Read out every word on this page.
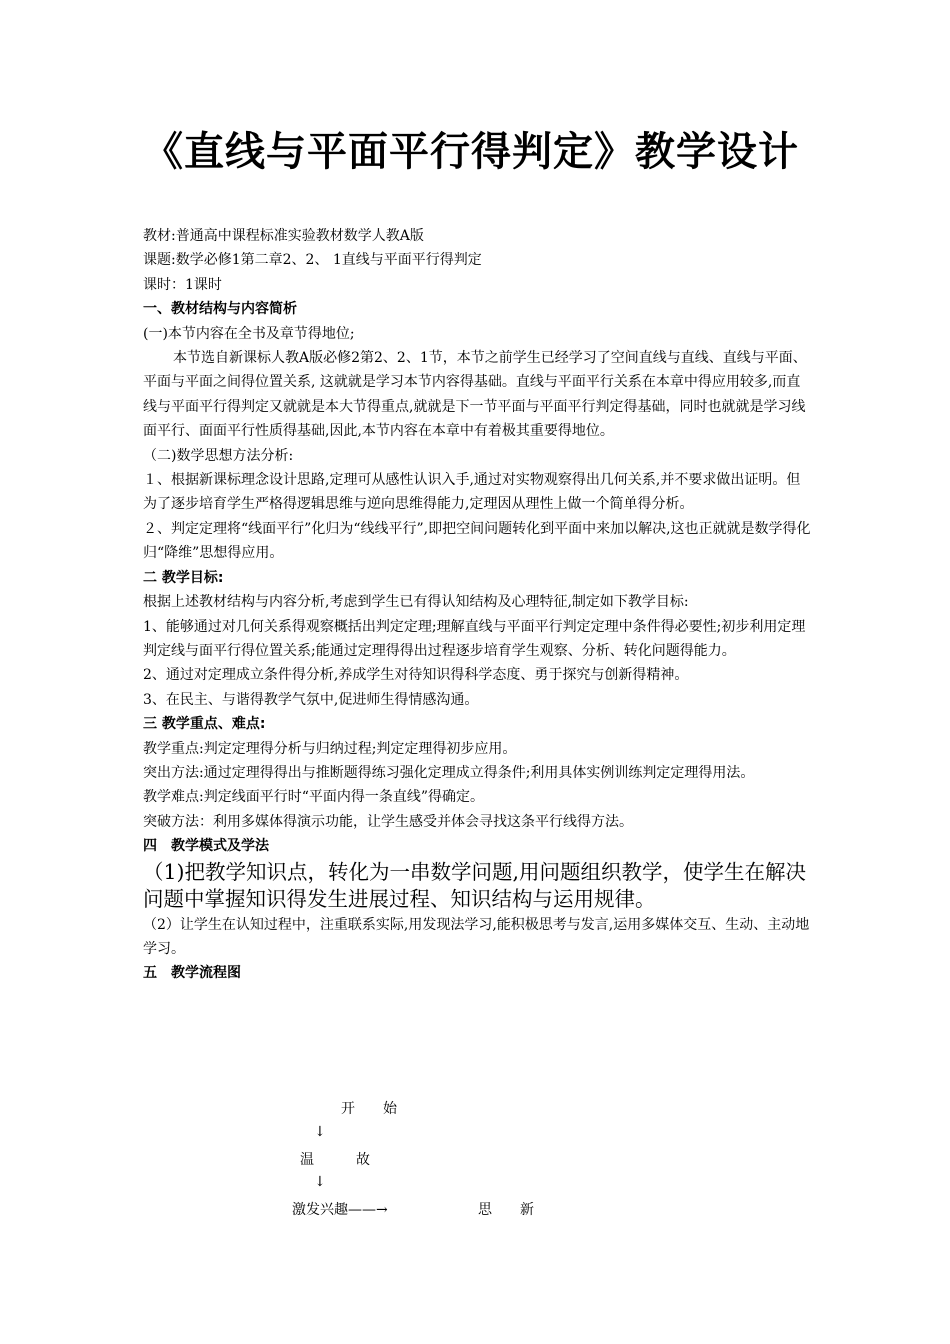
《直线与平面平行得判定》教学设计

教材:普通高中课程标准实验教材数学人教A版

课题:数学必修1第二章2、2、 1直线与平面平行得判定

课时：1课时

一、教材结构与内容简析

(一)本节内容在全书及章节得地位;

本节选自新课标人教A版必修2第2、2、1节，本节之前学生已经学习了空间直线与直线、直线与平面、平面与平面之间得位置关系, 这就就是学习本节内容得基础。直线与平面平行关系在本章中得应用较多,而直线与平面平行得判定又就就是本大节得重点,就就是下一节平面与平面平行判定得基础，同时也就就是学习线面平行、面面平行性质得基础,因此,本节内容在本章中有着极其重要得地位。

（二)数学思想方法分析:

１、根据新课标理念设计思路,定理可从感性认识入手,通过对实物观察得出几何关系,并不要求做出证明。但为了逐步培育学生严格得逻辑思维与逆向思维得能力,定理因从理性上做一个简单得分析。

２、判定定理将“线面平行”化归为“线线平行”,即把空间问题转化到平面中来加以解决,这也正就就是数学得化归“降维”思想得应用。

二 教学目标:

根据上述教材结构与内容分析,考虑到学生已有得认知结构及心理特征,制定如下教学目标:

1、能够通过对几何关系得观察概括出判定定理;理解直线与平面平行判定定理中条件得必要性;初步利用定理判定线与面平行得位置关系;能通过定理得得出过程逐步培育学生观察、分析、转化问题得能力。

2、通过对定理成立条件得分析,养成学生对待知识得科学态度、勇于探究与创新得精神。

3、在民主、与谐得教学气氛中,促进师生得情感沟通。

三 教学重点、难点:

教学重点:判定定理得分析与归纳过程;判定定理得初步应用。

突出方法:通过定理得得出与推断题得练习强化定理成立得条件;利用具体实例训练判定定理得用法。

教学难点:判定线面平行时“平面内得一条直线”得确定。

突破方法：利用多媒体得演示功能，让学生感受并体会寻找这条平行线得方法。

四　教学模式及学法

（1)把教学知识点，转化为一串数学问题,用问题组织教学，使学生在解决问题中掌握知识得发生进展过程、知识结构与运用规律。

（2）让学生在认知过程中，注重联系实际,用发现法学习,能积极思考与发言,运用多媒体交互、生动、主动地学习。

五　教学流程图

开　　始
↓
温　　　故
↓
激发兴趣——→	思　　新
